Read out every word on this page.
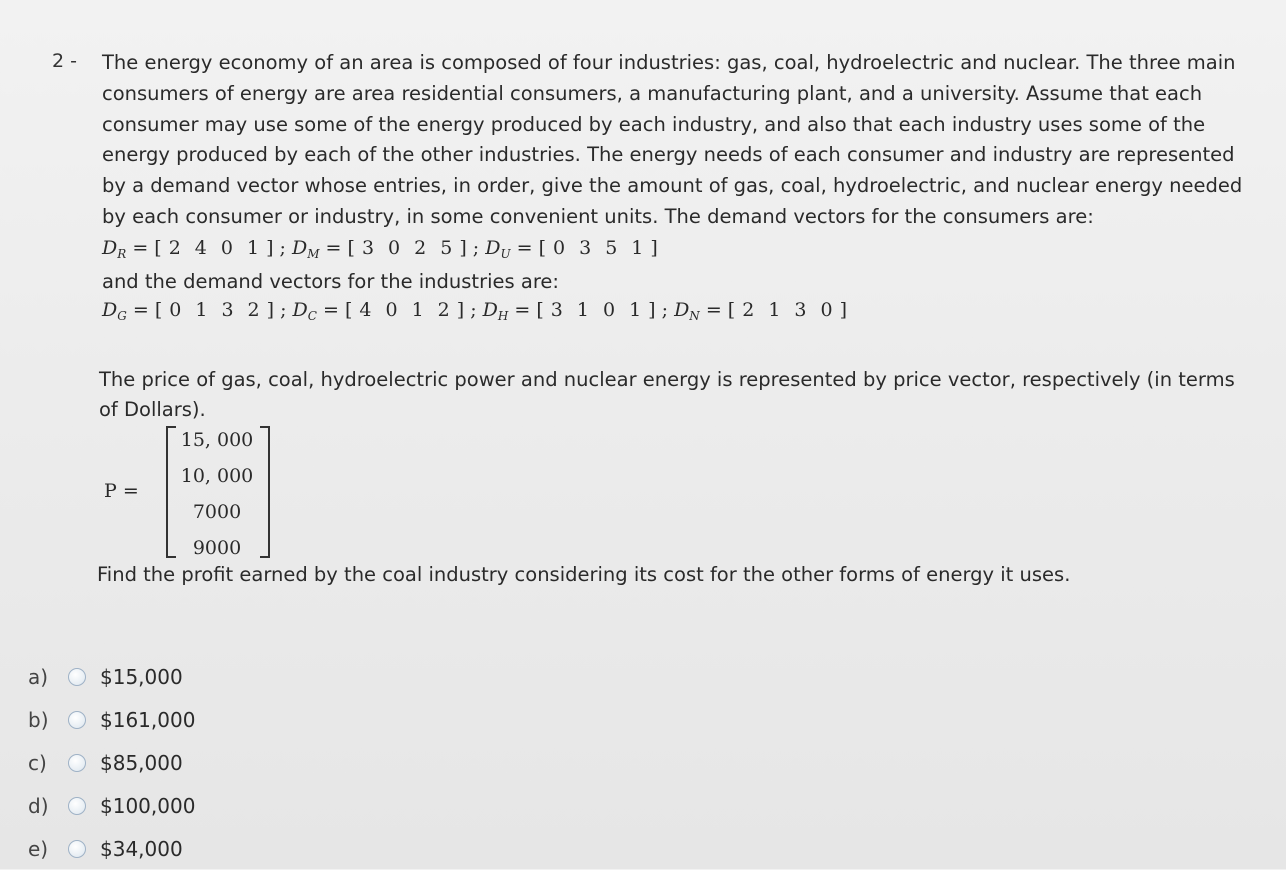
2 - The energy economy of an area is composed of four industries: gas, coal, hydroelectric and nuclear. The three main
consumers of energy are area residential consumers, a manufacturing plant, and a university. Assume that each
consumer may use some of the energy produced by each industry, and also that each industry uses some of the
energy produced by each of the other industries. The energy needs of each consumer and industry are represented
by a demand vector whose entries, in order, give the amount of gas, coal, hydroelectric, and nuclear energy needed
by each consumer or industry, in some convenient units. The demand vectors for the consumers are:
$D_R$ = [ 2 4 0 1 ] ; $D_M$ = [ 3 0 2 5 ] ; $D_U$ = [ 0 3 5 1 ]
and the demand vectors for the industries are:
$D_G$ = [ 0 1 3 2 ] ; $D_C$ = [ 4 0 1 2 ] ; $D_H$ = [ 3 1 0 1 ] ; $D_N$ = [ 2 1 3 0 ]
The price of gas, coal, hydroelectric power and nuclear energy is represented by price vector, respectively (in terms of Dollars).
P =
15, 000
10, 000
7000
9000
Find the profit earned by the coal industry considering its cost for the other forms of energy it uses.
a)	$15,000
b)	$161,000
c)	$85,000
d)	$100,000
e)	$34,000
